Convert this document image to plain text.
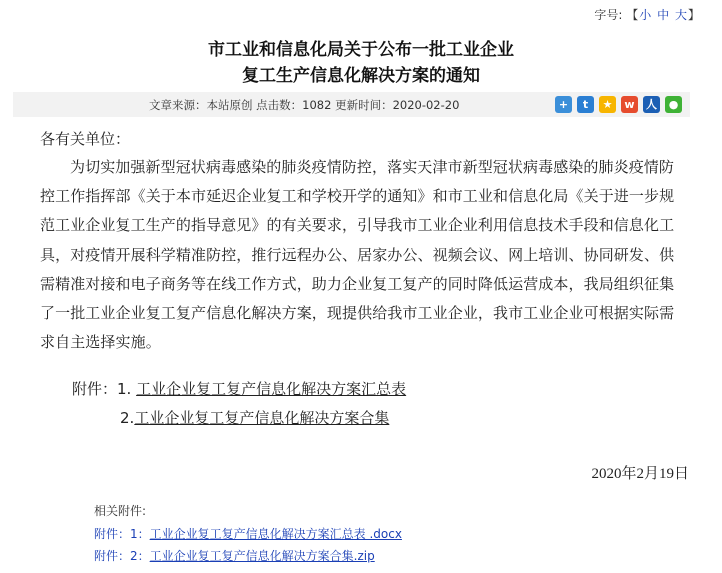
字号: 【小 中 大】
市工业和信息化局关于公布一批工业企业
复工生产信息化解决方案的通知
文章来源：本站原创 点击数：1082 更新时间：2020-02-20	+	t	★	w	人	●
各有关单位：
为切实加强新型冠状病毒感染的肺炎疫情防控，落实天津市新型冠状病毒感染的肺炎疫情防控工作指挥部《关于本市延迟企业复工和学校开学的通知》和市工业和信息化局《关于进一步规范工业企业复工生产的指导意见》的有关要求，引导我市工业企业利用信息技术手段和信息化工具，对疫情开展科学精准防控，推行远程办公、居家办公、视频会议、网上培训、协同研发、供需精准对接和电子商务等在线工作方式，助力企业复工复产的同时降低运营成本，我局组织征集了一批工业企业复工复产信息化解决方案，现提供给我市工业企业，我市工业企业可根据实际需求自主选择实施。
附件：1. 工业企业复工复产信息化解决方案汇总表
2.工业企业复工复产信息化解决方案合集
2020年2月19日
相关附件:
附件：1：工业企业复工复产信息化解决方案汇总表 .docx
附件：2：工业企业复工复产信息化解决方案合集.zip
